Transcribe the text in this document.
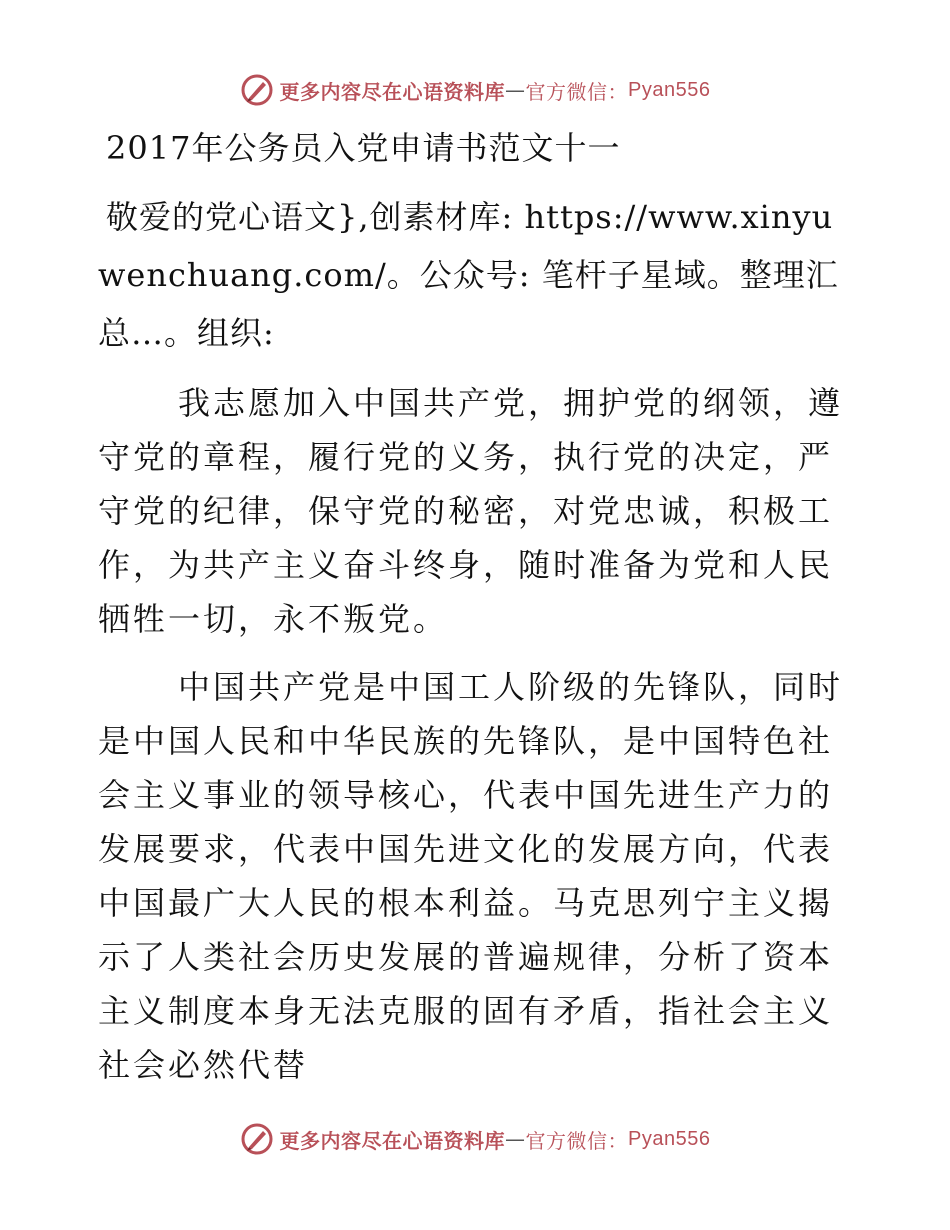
更多内容尽在心语资料库 — 官方微信： Pyan556
2017年公务员入党申请书范文十一

敬爱的党心语文},创素材库: https://www.xinyuwenchuang.com/。公众号: 笔杆子星域。整理汇总…。组织:

我志愿加入中国共产党，拥护党的纲领，遵守党的章程，履行党的义务，执行党的决定，严守党的纪律，保守党的秘密，对党忠诚，积极工作，为共产主义奋斗终身，随时准备为党和人民牺牲一切，永不叛党。

中国共产党是中国工人阶级的先锋队，同时是中国人民和中华民族的先锋队，是中国特色社会主义事业的领导核心，代表中国先进生产力的发展要求，代表中国先进文化的发展方向，代表中国最广大人民的根本利益。马克思列宁主义揭示了人类社会历史发展的普遍规律，分析了资本主义制度本身无法克服的固有矛盾，指社会主义社会必然代替

更多内容尽在心语资料库 — 官方微信： Pyan556
